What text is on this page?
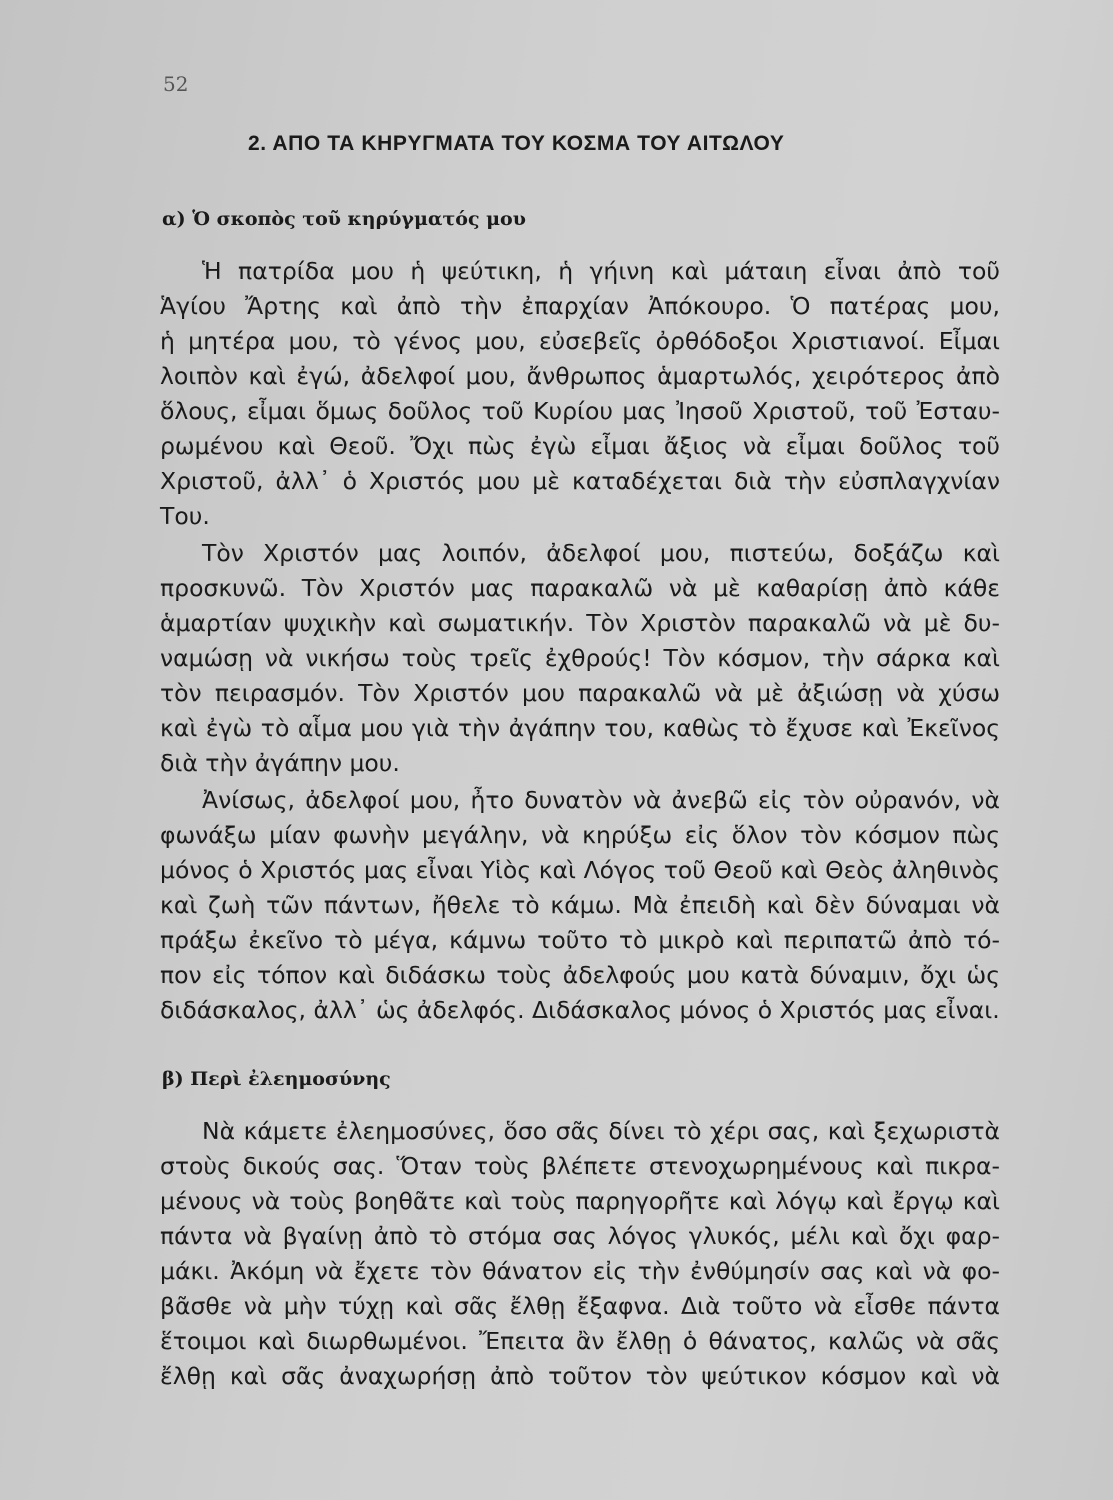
52
2. ΑΠΟ ΤΑ ΚΗΡΥΓΜΑΤΑ ΤΟΥ ΚΟΣΜΑ ΤΟΥ ΑΙΤΩΛΟΥ
α) Ὁ σκοπὸς τοῦ κηρύγματός μου
Ἡ πατρίδα μου ἡ ψεύτικη, ἡ γήινη καὶ μάταιη εἶναι ἀπὸ τοῦ
Ἁγίου Ἄρτης καὶ ἀπὸ τὴν ἐπαρχίαν Ἀπόκουρο. Ὁ πατέρας μου,
ἡ μητέρα μου, τὸ γένος μου, εὐσεβεῖς ὀρθόδοξοι Χριστιανοί. Εἶμαι
λοιπὸν καὶ ἐγώ, ἀδελφοί μου, ἄνθρωπος ἁμαρτωλός, χειρότερος ἀπὸ
ὅλους, εἶμαι ὅμως δοῦλος τοῦ Κυρίου μας Ἰησοῦ Χριστοῦ, τοῦ Ἐσταυ-
ρωμένου καὶ Θεοῦ. Ὄχι πὼς ἐγὼ εἶμαι ἄξιος νὰ εἶμαι δοῦλος τοῦ
Χριστοῦ, ἀλλ᾽ ὁ Χριστός μου μὲ καταδέχεται διὰ τὴν εὐσπλαγχνίαν
Του.
Τὸν Χριστόν μας λοιπόν, ἀδελφοί μου, πιστεύω, δοξάζω καὶ
προσκυνῶ. Τὸν Χριστόν μας παρακαλῶ νὰ μὲ καθαρίσῃ ἀπὸ κάθε
ἁμαρτίαν ψυχικὴν καὶ σωματικήν. Τὸν Χριστὸν παρακαλῶ νὰ μὲ δυ-
ναμώσῃ νὰ νικήσω τοὺς τρεῖς ἐχθρούς! Τὸν κόσμον, τὴν σάρκα καὶ
τὸν πειρασμόν. Τὸν Χριστόν μου παρακαλῶ νὰ μὲ ἀξιώσῃ νὰ χύσω
καὶ ἐγὼ τὸ αἷμα μου γιὰ τὴν ἀγάπην του, καθὼς τὸ ἔχυσε καὶ Ἐκεῖνος
διὰ τὴν ἀγάπην μου.
Ἀνίσως, ἀδελφοί μου, ἦτο δυνατὸν νὰ ἀνεβῶ εἰς τὸν οὐρανόν, νὰ
φωνάξω μίαν φωνὴν μεγάλην, νὰ κηρύξω εἰς ὅλον τὸν κόσμον πὼς
μόνος ὁ Χριστός μας εἶναι Υἱὸς καὶ Λόγος τοῦ Θεοῦ καὶ Θεὸς ἀληθινὸς
καὶ ζωὴ τῶν πάντων, ἤθελε τὸ κάμω. Μὰ ἐπειδὴ καὶ δὲν δύναμαι νὰ
πράξω ἐκεῖνο τὸ μέγα, κάμνω τοῦτο τὸ μικρὸ καὶ περιπατῶ ἀπὸ τό-
πον εἰς τόπον καὶ διδάσκω τοὺς ἀδελφούς μου κατὰ δύναμιν, ὄχι ὡς
διδάσκαλος, ἀλλ᾽ ὡς ἀδελφός. Διδάσκαλος μόνος ὁ Χριστός μας εἶναι.
β) Περὶ ἐλεημοσύνης
Νὰ κάμετε ἐλεημοσύνες, ὅσο σᾶς δίνει τὸ χέρι σας, καὶ ξεχωριστὰ
στοὺς δικούς σας. Ὅταν τοὺς βλέπετε στενοχωρημένους καὶ πικρα-
μένους νὰ τοὺς βοηθᾶτε καὶ τοὺς παρηγορῆτε καὶ λόγῳ καὶ ἔργῳ καὶ
πάντα νὰ βγαίνῃ ἀπὸ τὸ στόμα σας λόγος γλυκός, μέλι καὶ ὄχι φαρ-
μάκι. Ἀκόμη νὰ ἔχετε τὸν θάνατον εἰς τὴν ἐνθύμησίν σας καὶ νὰ φο-
βᾶσθε νὰ μὴν τύχῃ καὶ σᾶς ἔλθῃ ἔξαφνα. Διὰ τοῦτο νὰ εἶσθε πάντα
ἕτοιμοι καὶ διωρθωμένοι. Ἔπειτα ἂν ἔλθῃ ὁ θάνατος, καλῶς νὰ σᾶς
ἔλθῃ καὶ σᾶς ἀναχωρήσῃ ἀπὸ τοῦτον τὸν ψεύτικον κόσμον καὶ νὰ
